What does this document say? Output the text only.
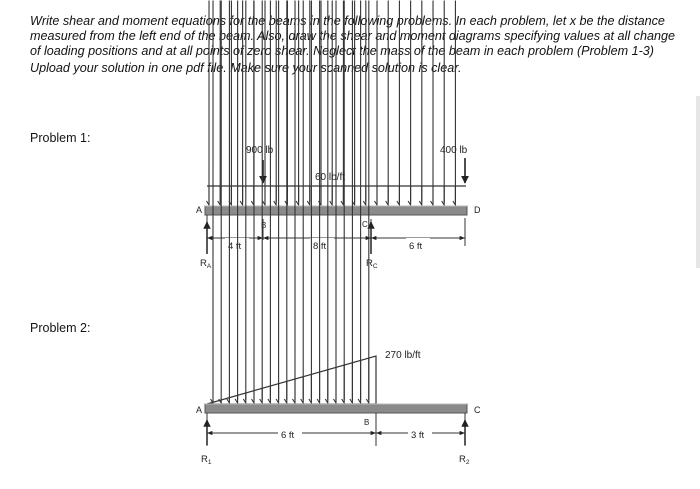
Write shear and moment equations for the beams in the following problems. In each problem, let x be the distance measured from the left end of the beam. Also, draw the shear and moment diagrams specifying values at all change of loading positions and at all points of zero shear. Neglect the mass of the beam in each problem (Problem 1-3)

Upload your solution in one pdf file. Make sure your scanned solution is clear.

Problem 1:
Problem 2:
900 lb	400 lb
60 lb/ft
A	D
B	C
4 ft	8 ft	6 ft
$R_A$	$R_C$
270 lb/ft
A	C
B
6 ft	3 ft
$R_1$	$R_2$
